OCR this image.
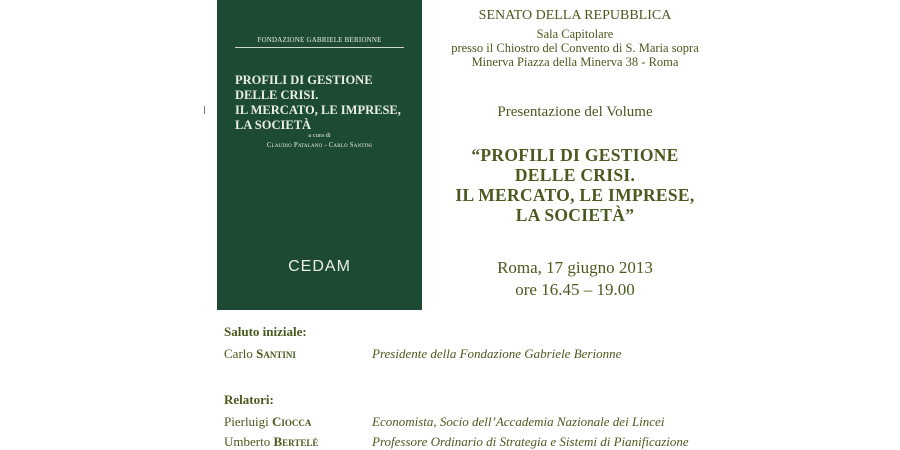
FONDAZIONE GABRIELE BERIONNE
PROFILI DI GESTIONE DELLE CRISI.
IL MERCATO, LE IMPRESE,
LA SOCIETÀ
a cura di
Claudio Patalano - Carlo Santini
CEDAM
SENATO DELLA REPUBBLICA
Sala Capitolare
presso il Chiostro del Convento di S. Maria sopra
Minerva Piazza della Minerva 38 - Roma
Presentazione del Volume
“PROFILI DI GESTIONE
DELLE CRISI.
IL MERCATO, LE IMPRESE,
LA SOCIETÀ”
Roma, 17 giugno 2013
ore 16.45 – 19.00
Saluto iniziale:
Carlo Santini	Presidente della Fondazione Gabriele Berionne
Relatori:
Pierluigi Ciocca	Economista, Socio dell’Accademia Nazionale dei Lincei
Umberto Bertelè	Professore Ordinario di Strategia e Sistemi di Pianificazione
